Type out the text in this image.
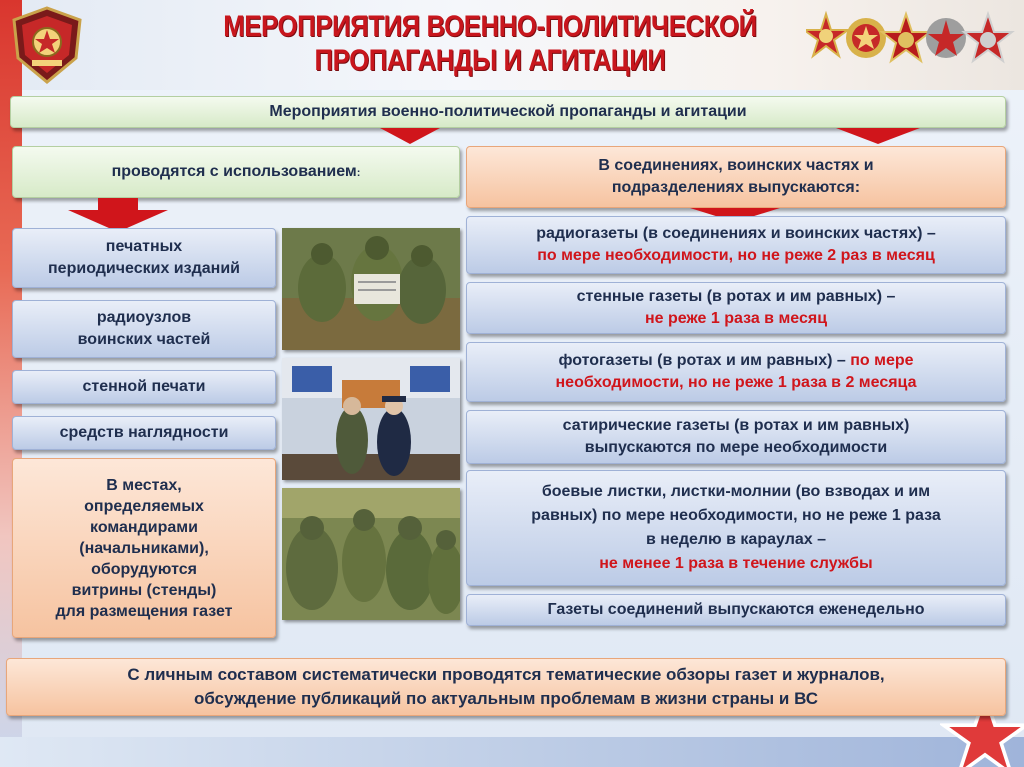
МЕРОПРИЯТИЯ ВОЕННО-ПОЛИТИЧЕСКОЙ
ПРОПАГАНДЫ И АГИТАЦИИ
Мероприятия военно-политической пропаганды и агитации
проводятся с использованием:	В соединениях, воинских частях и
подразделениях выпускаются:
печатных
периодических изданий
радиоузлов
воинских частей
стенной печати
средств наглядности
В местах,
определяемых
командирами
(начальниками),
оборудуются
витрины (стенды)
для размещения газет
радиогазеты (в соединениях и воинских частях) –
по мере необходимости, но не реже 2 раз в месяц
стенные газеты (в ротах и им равных) –
не реже 1 раза в месяц
фотогазеты (в ротах и им равных) – по мере
необходимости, но не реже 1 раза в 2 месяца
сатирические газеты (в ротах и им равных)
выпускаются по мере необходимости
боевые листки, листки-молнии (во взводах и им
равных) по мере необходимости, но не реже 1 раза
в неделю в караулах –
не менее 1 раза в течение службы
Газеты соединений выпускаются еженедельно
С личным составом систематически проводятся тематические обзоры газет и журналов,
обсуждение публикаций по актуальным проблемам в жизни страны и ВС
